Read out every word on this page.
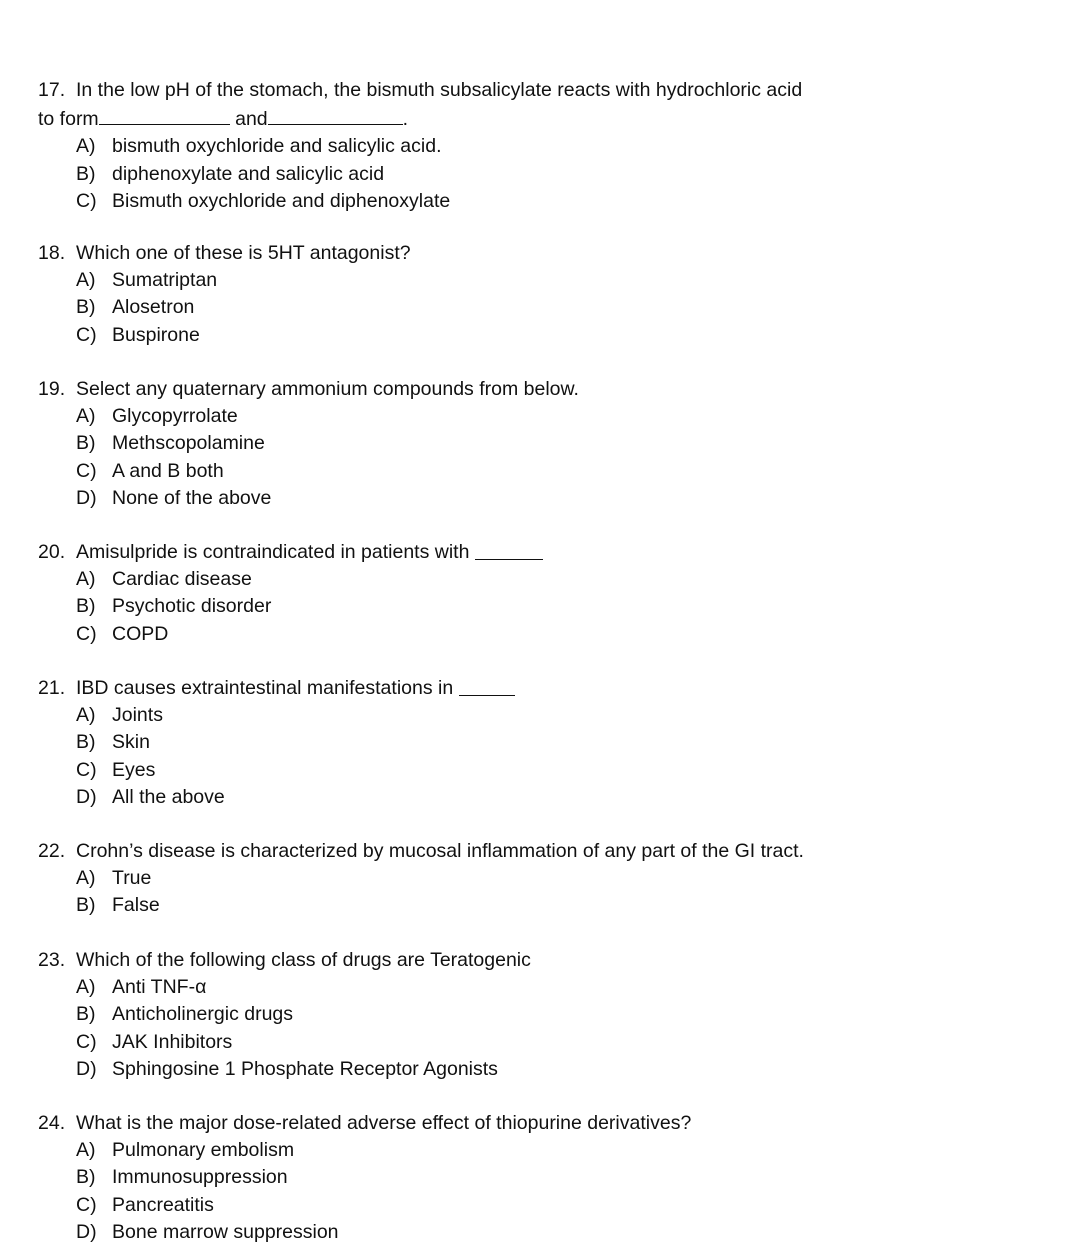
17. In the low pH of the stomach, the bismuth subsalicylate reacts with hydrochloric acid
to form	and	.
A) bismuth oxychloride and salicylic acid.
B) diphenoxylate and salicylic acid
C) Bismuth oxychloride and diphenoxylate
18. Which one of these is 5HT antagonist?
A) Sumatriptan
B) Alosetron
C) Buspirone
19. Select any quaternary ammonium compounds from below.
A) Glycopyrrolate
B) Methscopolamine
C) A and B both
D) None of the above
20. Amisulpride is contraindicated in patients with
A) Cardiac disease
B) Psychotic disorder
C) COPD
21. IBD causes extraintestinal manifestations in
A) Joints
B) Skin
C) Eyes
D) All the above
22. Crohn’s disease is characterized by mucosal inflammation of any part of the GI tract.
A) True
B) False
23. Which of the following class of drugs are Teratogenic
A) Anti TNF-α
B) Anticholinergic drugs
C) JAK Inhibitors
D) Sphingosine 1 Phosphate Receptor Agonists
24. What is the major dose-related adverse effect of thiopurine derivatives?
A) Pulmonary embolism
B) Immunosuppression
C) Pancreatitis
D) Bone marrow suppression
